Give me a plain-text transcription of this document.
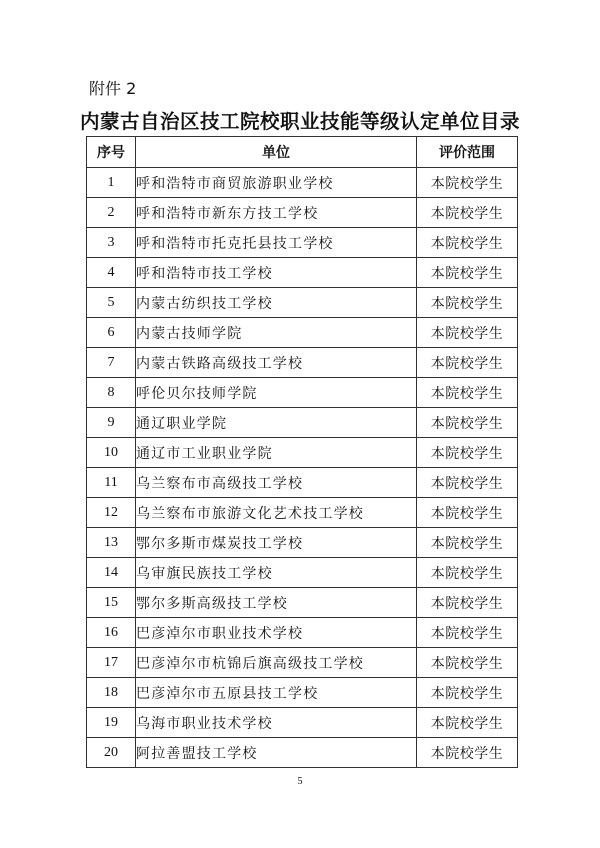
附件 2
内蒙古自治区技工院校职业技能等级认定单位目录
序号	单位	评价范围
1	呼和浩特市商贸旅游职业学校	本院校学生
2	呼和浩特市新东方技工学校	本院校学生
3	呼和浩特市托克托县技工学校	本院校学生
4	呼和浩特市技工学校	本院校学生
5	内蒙古纺织技工学校	本院校学生
6	内蒙古技师学院	本院校学生
7	内蒙古铁路高级技工学校	本院校学生
8	呼伦贝尔技师学院	本院校学生
9	通辽职业学院	本院校学生
10	通辽市工业职业学院	本院校学生
11	乌兰察布市高级技工学校	本院校学生
12	乌兰察布市旅游文化艺术技工学校	本院校学生
13	鄂尔多斯市煤炭技工学校	本院校学生
14	乌审旗民族技工学校	本院校学生
15	鄂尔多斯高级技工学校	本院校学生
16	巴彦淖尔市职业技术学校	本院校学生
17	巴彦淖尔市杭锦后旗高级技工学校	本院校学生
18	巴彦淖尔市五原县技工学校	本院校学生
19	乌海市职业技术学校	本院校学生
20	阿拉善盟技工学校	本院校学生
5
